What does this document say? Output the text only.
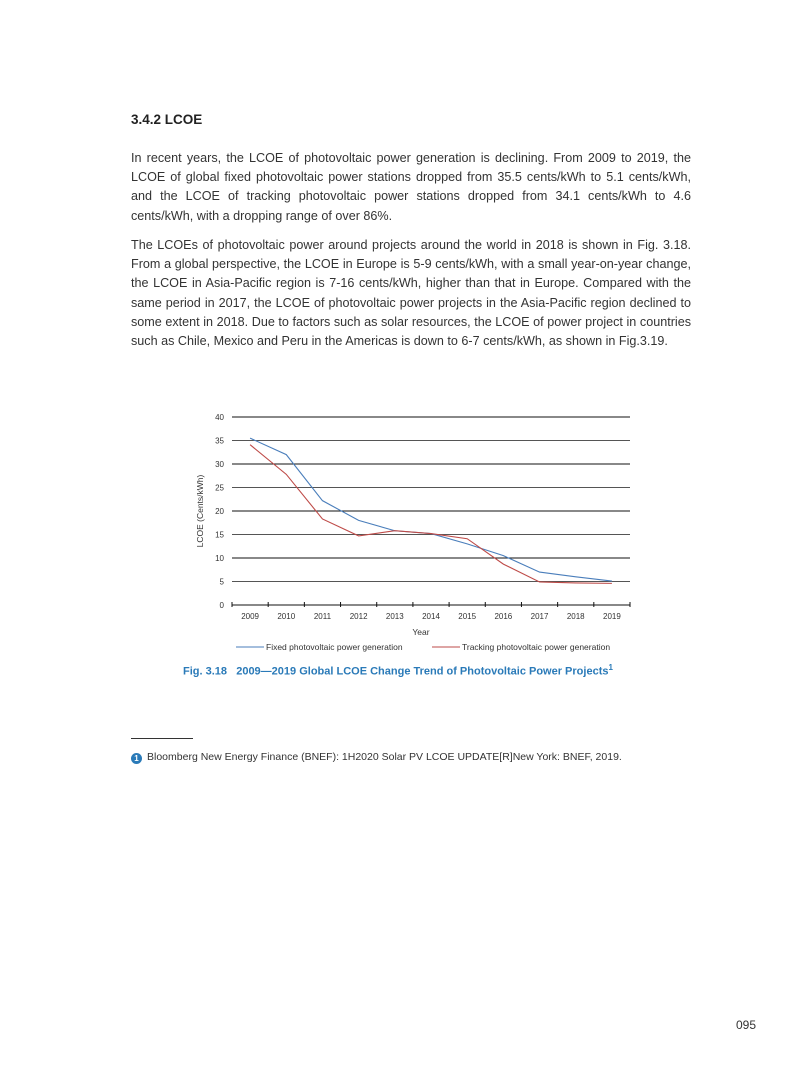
3.4.2 LCOE
In recent years, the LCOE of photovoltaic power generation is declining. From 2009 to 2019, the LCOE of global fixed photovoltaic power stations dropped from 35.5 cents/kWh to 5.1 cents/kWh, and the LCOE of tracking photovoltaic power stations dropped from 34.1 cents/kWh to 4.6 cents/kWh, with a dropping range of over 86%.
The LCOEs of photovoltaic power around projects around the world in 2018 is shown in Fig. 3.18. From a global perspective, the LCOE in Europe is 5-9 cents/kWh, with a small year-on-year change, the LCOE in Asia-Pacific region is 7-16 cents/kWh, higher than that in Europe. Compared with the same period in 2017, the LCOE of photovoltaic power projects in the Asia-Pacific region declined to some extent in 2018. Due to factors such as solar resources, the LCOE of power project in countries such as Chile, Mexico and Peru in the Americas is down to 6-7 cents/kWh, as shown in Fig.3.19.
0
5
10
15
20
25
30
35
40
2009 2010 2011 2012 2013 2014 2015 2016 2017 2018 2019
LCOE (Cents/kWh)
Year
Fixed photovoltaic power generation	Tracking photovoltaic power generation
Fig. 3.18 2009—2019 Global LCOE Change Trend of Photovoltaic Power Projects$^1$
1 Bloomberg New Energy Finance (BNEF): 1H2020 Solar PV LCOE UPDATE[R]New York: BNEF, 2019.
095
